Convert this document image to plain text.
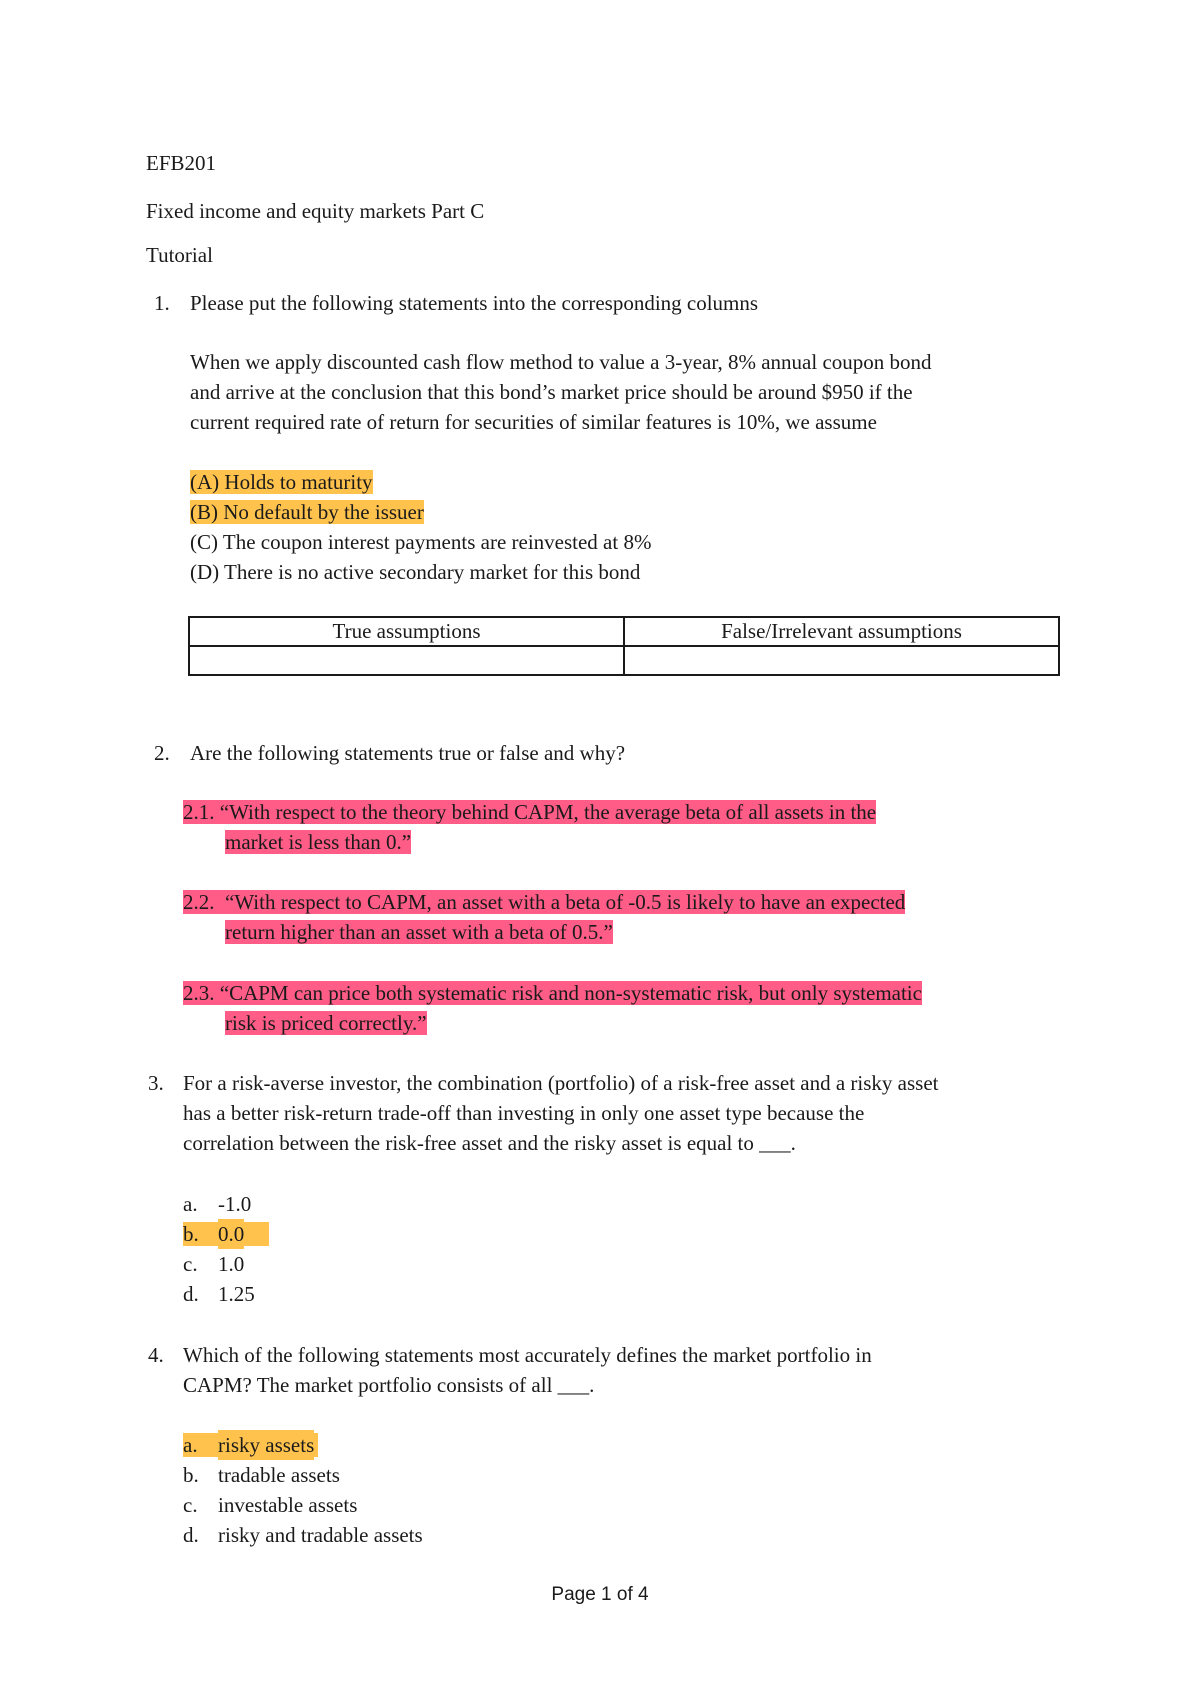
EFB201
Fixed income and equity markets Part C
Tutorial
1. Please put the following statements into the corresponding columns
When we apply discounted cash flow method to value a 3-year, 8% annual coupon bond
and arrive at the conclusion that this bond’s market price should be around $950 if the
current required rate of return for securities of similar features is 10%, we assume
(A) Holds to maturity
(B) No default by the issuer
(C) The coupon interest payments are reinvested at 8%
(D) There is no active secondary market for this bond
True assumptions	False/Irrelevant assumptions

2. Are the following statements true or false and why?
2.1. “With respect to the theory behind CAPM, the average beta of all assets in the
market is less than 0.”
2.2.  “With respect to CAPM, an asset with a beta of -0.5 is likely to have an expected
return higher than an asset with a beta of 0.5.”
2.3. “CAPM can price both systematic risk and non-systematic risk, but only systematic
risk is priced correctly.”
3. For a risk-averse investor, the combination (portfolio) of a risk-free asset and a risky asset
has a better risk-return trade-off than investing in only one asset type because the
correlation between the risk-free asset and the risky asset is equal to ___.
a. -1.0
b. 0.0
c. 1.0
d. 1.25
4. Which of the following statements most accurately defines the market portfolio in
CAPM? The market portfolio consists of all ___.
a. risky assets
b. tradable assets
c. investable assets
d. risky and tradable assets
Page 1 of 4
